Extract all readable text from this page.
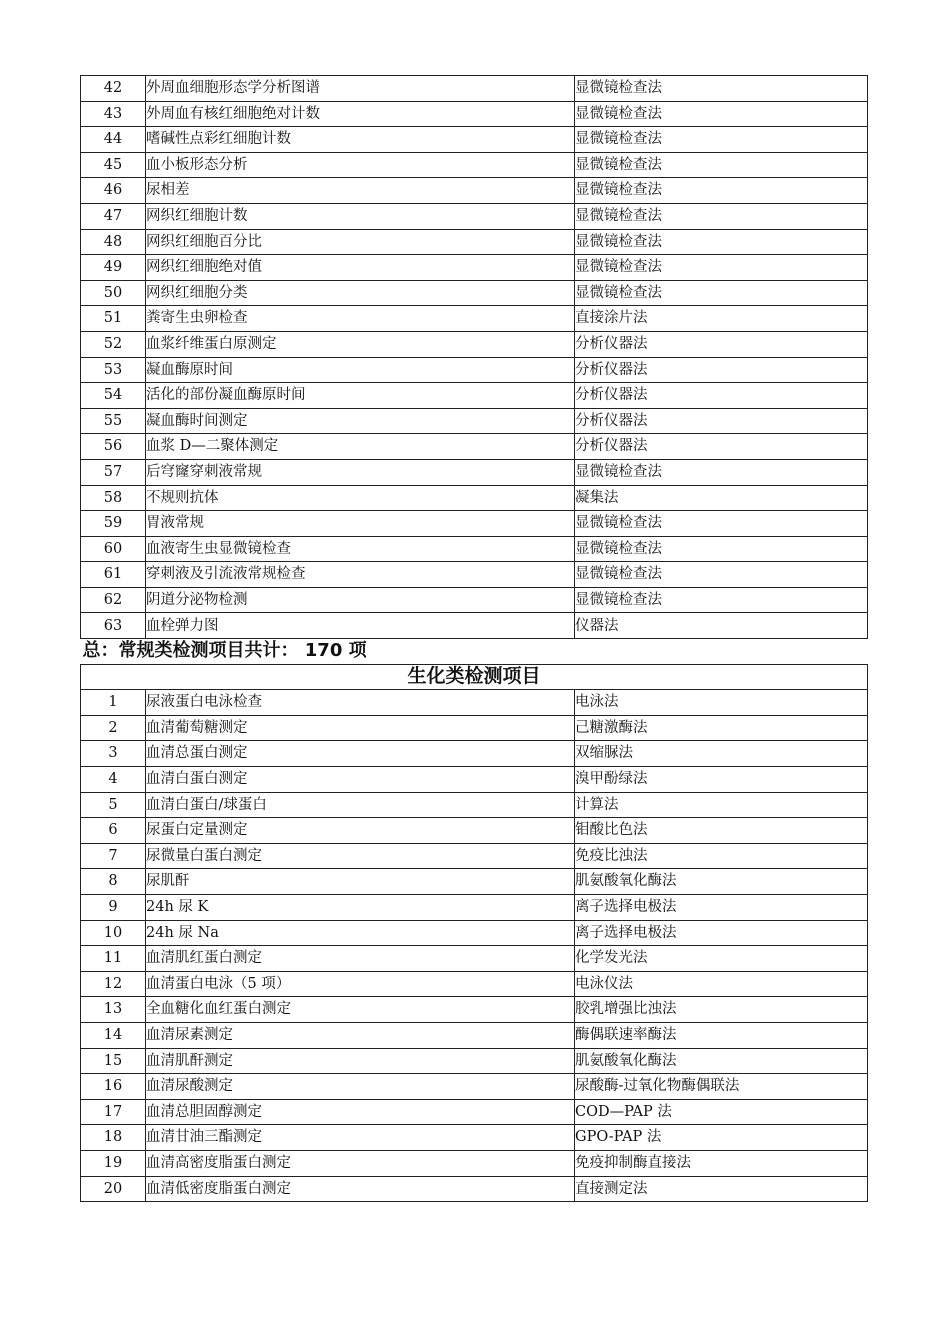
42	外周血细胞形态学分析图谱	显微镜检查法
43	外周血有核红细胞绝对计数	显微镜检查法
44	嗜碱性点彩红细胞计数	显微镜检查法
45	血小板形态分析	显微镜检查法
46	尿相差	显微镜检查法
47	网织红细胞计数	显微镜检查法
48	网织红细胞百分比	显微镜检查法
49	网织红细胞绝对值	显微镜检查法
50	网织红细胞分类	显微镜检查法
51	粪寄生虫卵检查	直接涂片法
52	血浆纤维蛋白原测定	分析仪器法
53	凝血酶原时间	分析仪器法
54	活化的部份凝血酶原时间	分析仪器法
55	凝血酶时间测定	分析仪器法
56	血浆 D—二聚体测定	分析仪器法
57	后穹窿穿刺液常规	显微镜检查法
58	不规则抗体	凝集法
59	胃液常规	显微镜检查法
60	血液寄生虫显微镜检查	显微镜检查法
61	穿刺液及引流液常规检查	显微镜检查法
62	阴道分泌物检测	显微镜检查法
63	血栓弹力图	仪器法
总：常规类检测项目共计： 170 项		
生化类检测项目		
1	尿液蛋白电泳检查	电泳法
2	血清葡萄糖测定	己糖激酶法
3	血清总蛋白测定	双缩脲法
4	血清白蛋白测定	溴甲酚绿法
5	血清白蛋白/球蛋白	计算法
6	尿蛋白定量测定	钼酸比色法
7	尿微量白蛋白测定	免疫比浊法
8	尿肌酐	肌氨酸氧化酶法
9	24h 尿 K	离子选择电极法
10	24h 尿 Na	离子选择电极法
11	血清肌红蛋白测定	化学发光法
12	血清蛋白电泳（5 项）	电泳仪法
13	全血糖化血红蛋白测定	胶乳增强比浊法
14	血清尿素测定	酶偶联速率酶法
15	血清肌酐测定	肌氨酸氧化酶法
16	血清尿酸测定	尿酸酶-过氧化物酶偶联法
17	血清总胆固醇测定	COD—PAP 法
18	血清甘油三酯测定	GPO-PAP 法
19	血清高密度脂蛋白测定	免疫抑制酶直接法
20	血清低密度脂蛋白测定	直接测定法
